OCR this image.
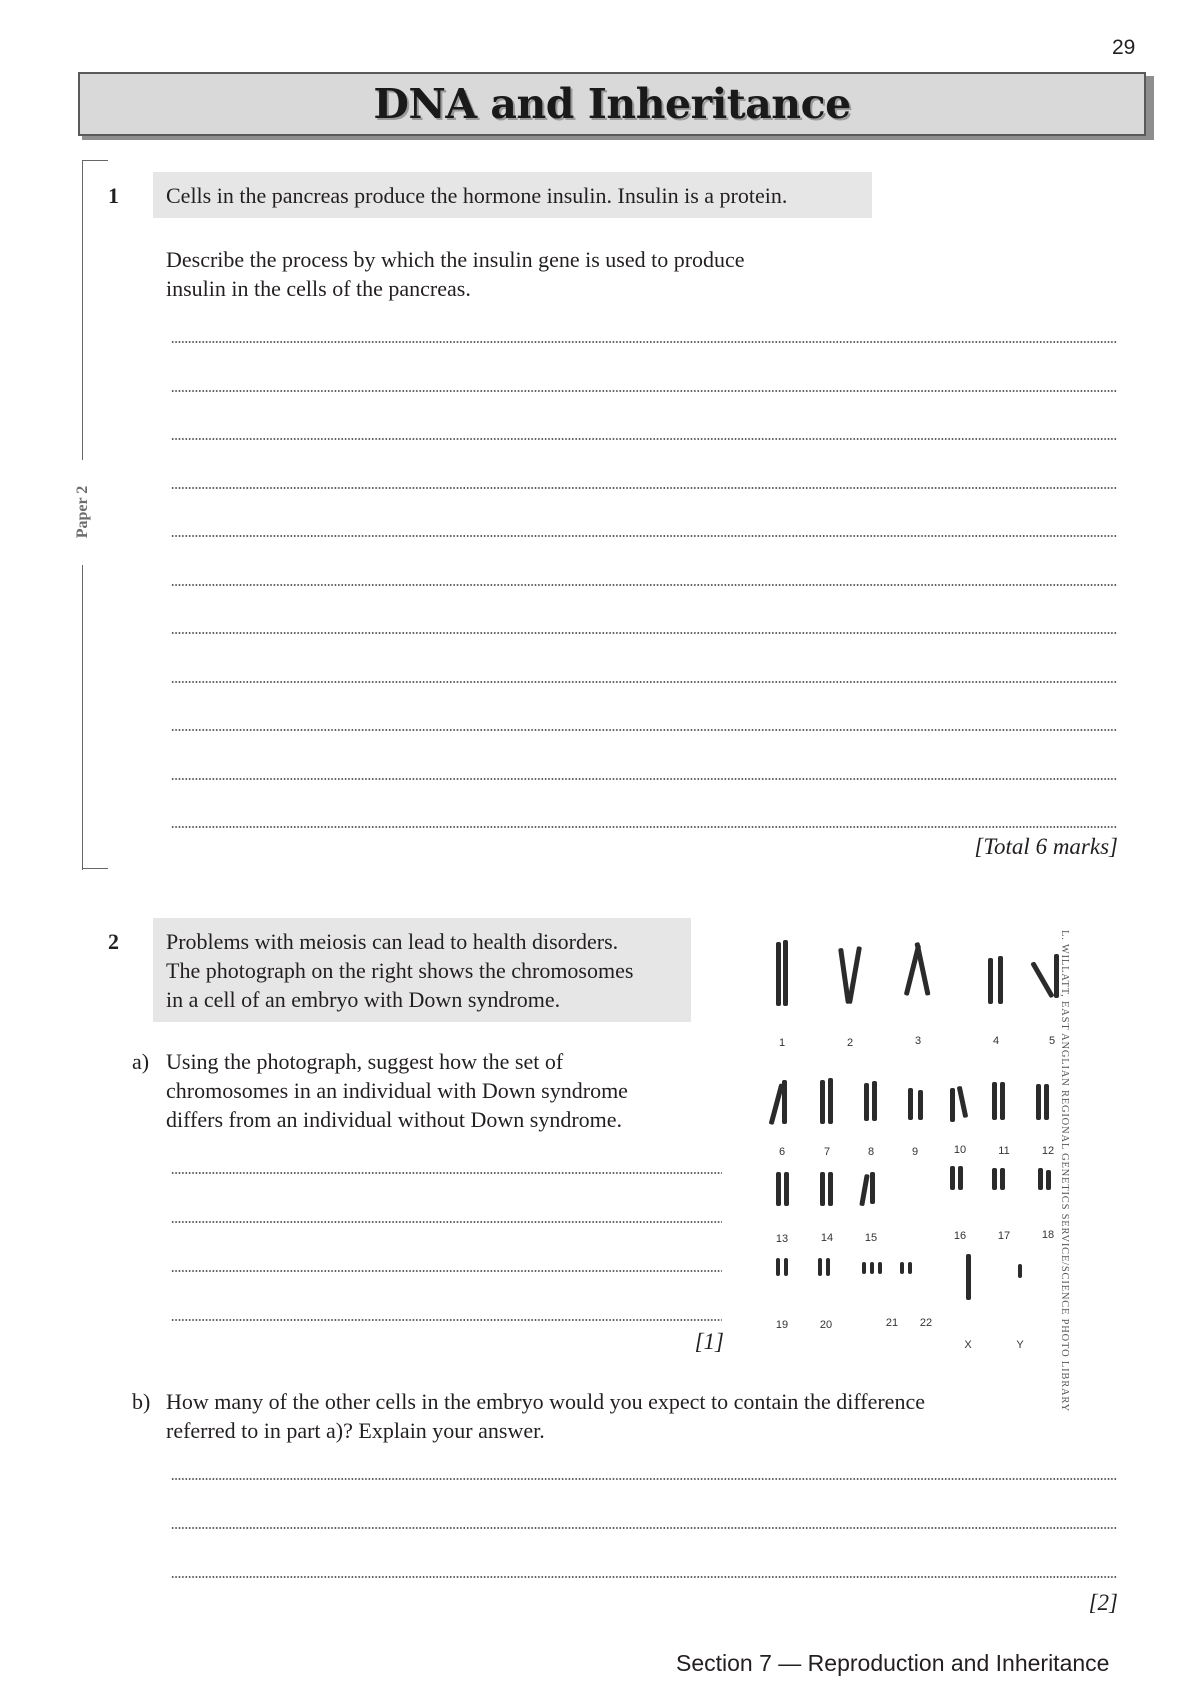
29
DNA and Inheritance
Paper 2
1 Cells in the pancreas produce the hormone insulin. Insulin is a protein.
Describe the process by which the insulin gene is used to produce
insulin in the cells of the pancreas.
[Total 6 marks]
2 Problems with meiosis can lead to health disorders.
The photograph on the right shows the chromosomes
in a cell of an embryo with Down syndrome.
a) Using the photograph, suggest how the set of
chromosomes in an individual with Down syndrome
differs from an individual without Down syndrome.
[1]
b) How many of the other cells in the embryo would you expect to contain the difference
referred to in part a)? Explain your answer.
[2]
1	2	3	4	5
6	7	8	9	10	11	12
13	14	15	16	17	18
19	20	21 22
X	Y	L. WILLATT, EAST ANGLIAN REGIONAL GENETICS SERVICE/SCIENCE PHOTO LIBRARY
Section 7 — Reproduction and Inheritance
